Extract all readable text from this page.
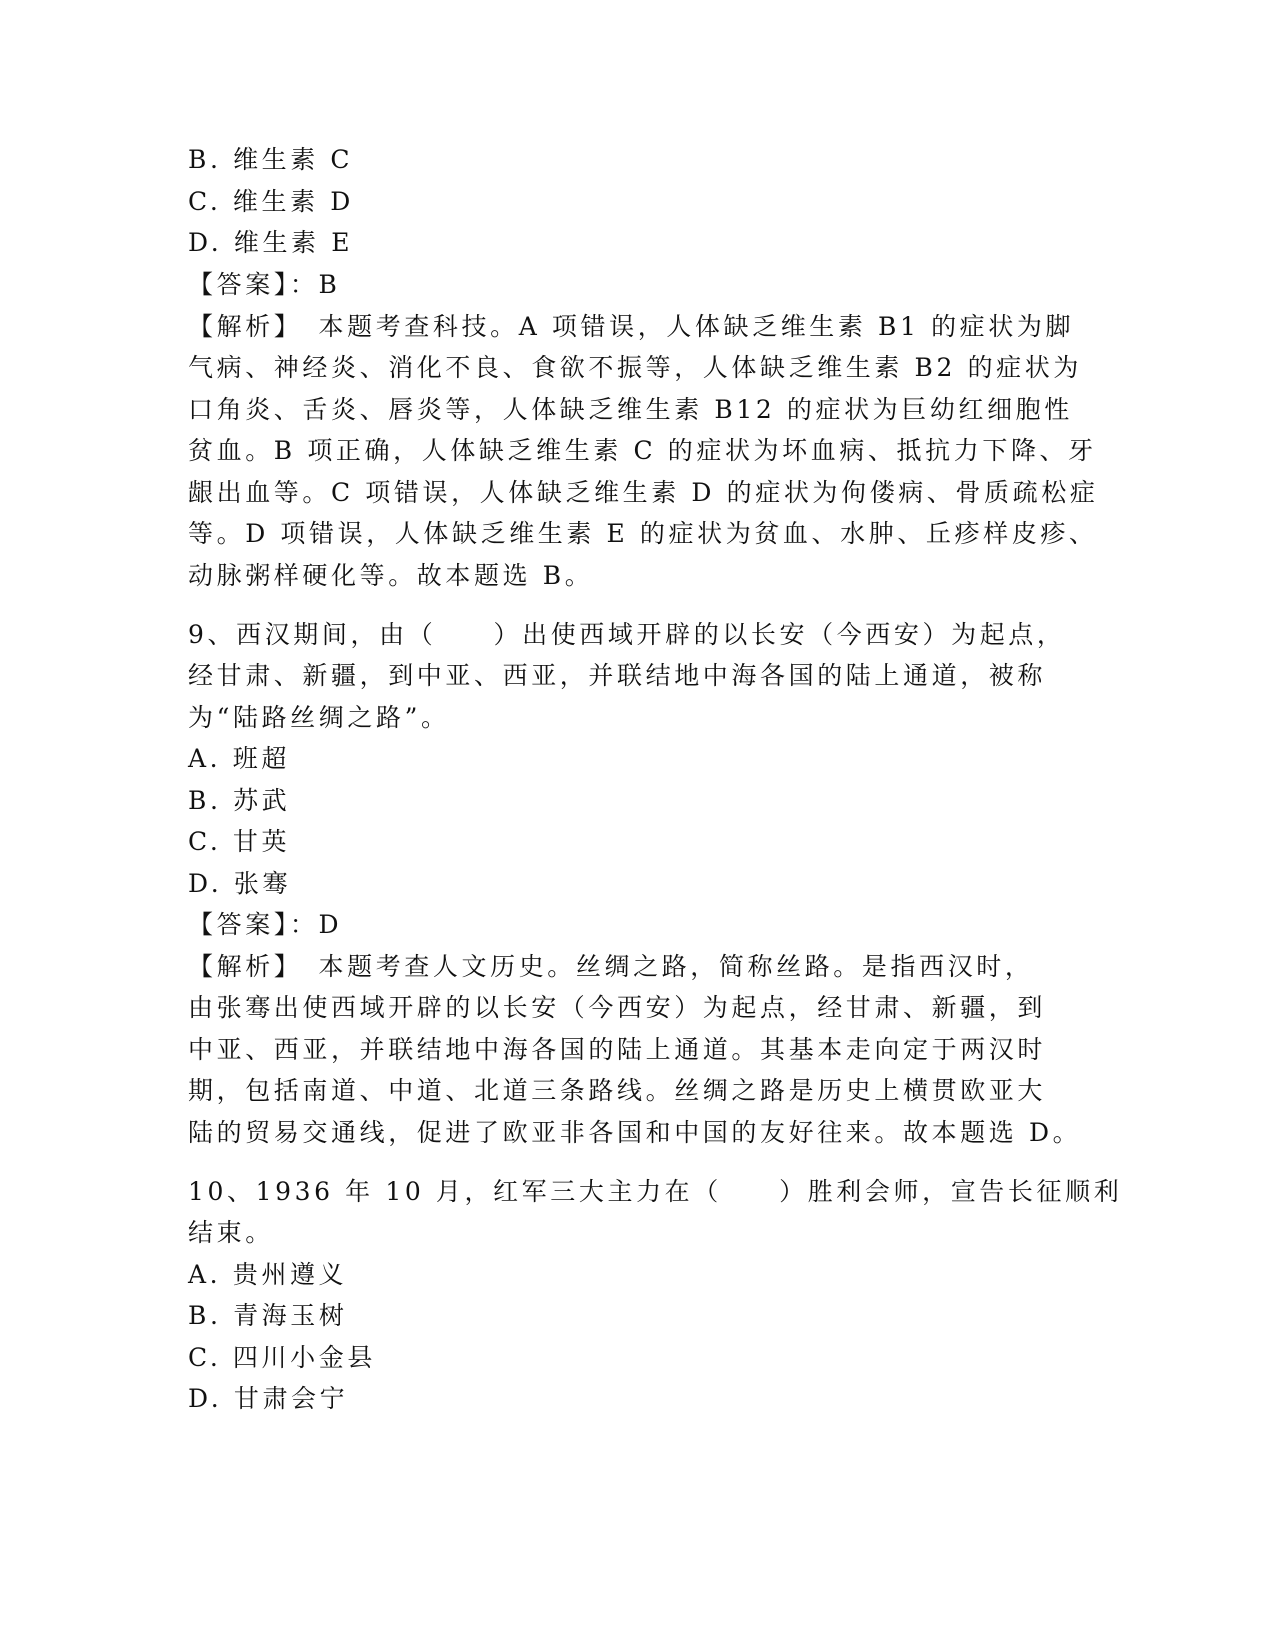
B. 维生素 C
C. 维生素 D
D. 维生素 E
【答案】：B
【解析】　本题考查科技。A 项错误，人体缺乏维生素 B1 的症状为脚
气病、神经炎、消化不良、食欲不振等，人体缺乏维生素 B2 的症状为
口角炎、舌炎、唇炎等，人体缺乏维生素 B12 的症状为巨幼红细胞性
贫血。B 项正确，人体缺乏维生素 C 的症状为坏血病、抵抗力下降、牙
龈出血等。C 项错误，人体缺乏维生素 D 的症状为佝偻病、骨质疏松症
等。D 项错误，人体缺乏维生素 E 的症状为贫血、水肿、丘疹样皮疹、
动脉粥样硬化等。故本题选 B。
9、西汉期间，由（　　）出使西域开辟的以长安（今西安）为起点，
经甘肃、新疆，到中亚、西亚，并联结地中海各国的陆上通道，被称
为“陆路丝绸之路”。
A. 班超
B. 苏武
C. 甘英
D. 张骞
【答案】：D
【解析】　本题考查人文历史。丝绸之路，简称丝路。是指西汉时，
由张骞出使西域开辟的以长安（今西安）为起点，经甘肃、新疆，到
中亚、西亚，并联结地中海各国的陆上通道。其基本走向定于两汉时
期，包括南道、中道、北道三条路线。丝绸之路是历史上横贯欧亚大
陆的贸易交通线，促进了欧亚非各国和中国的友好往来。故本题选 D。
10、1936 年 10 月，红军三大主力在（　　）胜利会师，宣告长征顺利
结束。
A. 贵州遵义
B. 青海玉树
C. 四川小金县
D. 甘肃会宁
